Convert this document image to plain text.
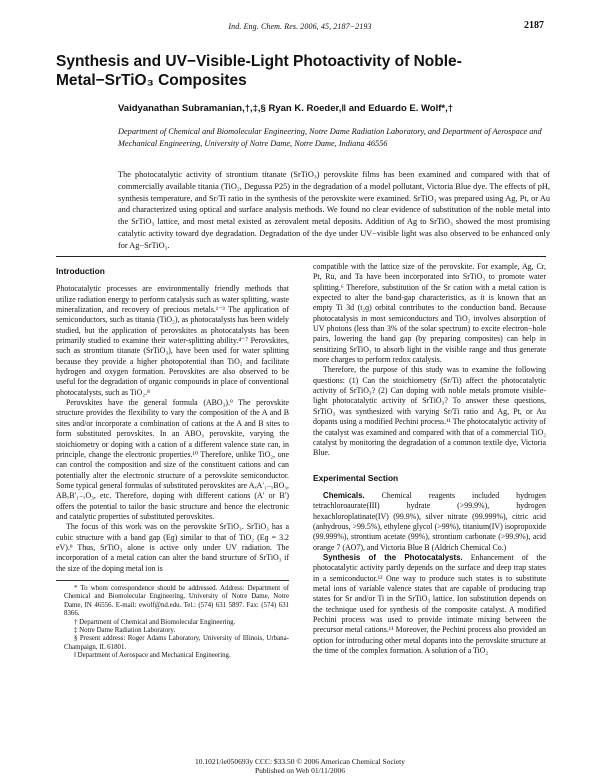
Ind. Eng. Chem. Res. 2006, 45, 2187−2193	2187
Synthesis and UV−Visible-Light Photoactivity of Noble-Metal−SrTiO₃ Composites
Vaidyanathan Subramanian,†,‡,§ Ryan K. Roeder,‖ and Eduardo E. Wolf*,†

Department of Chemical and Biomolecular Engineering, Notre Dame Radiation Laboratory, and Department of Aerospace and Mechanical Engineering, University of Notre Dame, Notre Dame, Indiana 46556

The photocatalytic activity of strontium titanate (SrTiO₃) perovskite films has been examined and compared with that of commercially available titania (TiO₂, Degussa P25) in the degradation of a model pollutant, Victoria Blue dye. The effects of pH, synthesis temperature, and Sr/Ti ratio in the synthesis of the perovskite were examined. SrTiO₃ was prepared using Ag, Pt, or Au and characterized using optical and surface analysis methods. We found no clear evidence of substitution of the noble metal into the SrTiO₃ lattice, and most metal existed as zerovalent metal deposits. Addition of Ag to SrTiO₃ showed the most promising catalytic activity toward dye degradation. Degradation of the dye under UV−visible light was also observed to be enhanced only for Ag−SrTiO₃.

Introduction

Photocatalytic processes are environmentally friendly methods that utilize radiation energy to perform catalysis such as water splitting, waste mineralization, and recovery of precious metals.¹⁻³ The application of semiconductors, such as titania (TiO₂), as photocatalysts has been widely studied, but the application of perovskites as photocatalysts has been primarily studied to examine their water-splitting ability.⁴⁻⁷ Perovskites, such as strontium titanate (SrTiO₃), have been used for water splitting because they provide a higher photopotential than TiO₂ and facilitate hydrogen and oxygen formation. Perovskites are also observed to be useful for the degradation of organic compounds in place of conventional photocatalysts, such as TiO₂.⁸

Perovskites have the general formula (ABO₃).⁹ The perovskite structure provides the flexibility to vary the composition of the A and B sites and/or incorporate a combination of cations at the A and B sites to form substituted perovskites. In an ABO₃ perovskite, varying the stoichiometry or doping with a cation of a different valence state can, in principle, change the electronic properties.¹⁰ Therefore, unlike TiO₂, one can control the composition and size of the constituent cations and can potentially alter the electronic structure of a perovskite semiconductor. Some typical general formulas of substituted perovskites are AₓA′₁₋ₓBO₃, ABₓB′₁₋ₓO₃, etc. Therefore, doping with different cations (A′ or B′) offers the potential to tailor the basic structure and hence the electronic and catalytic properties of substituted perovskites.

The focus of this work was on the perovskite SrTiO₃. SrTiO₃ has a cubic structure with a band gap (Eɡ) similar to that of TiO₂ (Eɡ = 3.2 eV).⁹ Thus, SrTiO₃ alone is active only under UV radiation. The incorporation of a metal cation can alter the band structure of SrTiO₃ if the size of the doping metal ion is

* To whom correspondence should be addressed. Address: Department of Chemical and Biomolecular Engineering, University of Notre Dame, Notre Dame, IN 46556. E-mail: ewolf@nd.edu. Tel.: (574) 631 5897. Fax: (574) 631 8366.

† Department of Chemical and Biomolecular Engineering.

‡ Notre Dame Radiation Laboratory.

§ Present address: Roger Adams Laboratory, University of Illinois, Urbana-Champaign, IL 61801.

‖ Department of Aerospace and Mechanical Engineering.

compatible with the lattice size of the perovskite. For example, Ag, Cr, Pt, Ru, and Ta have been incorporated into SrTiO₃ to promote water splitting.⁶ Therefore, substitution of the Sr cation with a metal cation is expected to alter the band-gap characteristics, as it is known that an empty Ti 3d (t₂ɡ) orbital contributes to the conduction band. Because photocatalysis in most semiconductors and TiO₂ involves absorption of UV photons (less than 3% of the solar spectrum) to excite electron−hole pairs, lowering the band gap (by preparing composites) can help in sensitizing SrTiO₃ to absorb light in the visible range and thus generate more charges to perform redox catalysis.

Therefore, the purpose of this study was to examine the following questions: (1) Can the stoichiometry (Sr/Ti) affect the photocatalytic activity of SrTiO₃? (2) Can doping with noble metals promote visible-light photocatalytic activity of SrTiO₃? To answer these questions, SrTiO₃ was synthesized with varying Sr/Ti ratio and Ag, Pt, or Au dopants using a modified Pechini process.¹¹ The photocatalytic activity of the catalyst was examined and compared with that of a commercial TiO₂ catalyst by monitoring the degradation of a common textile dye, Victoria Blue.

Experimental Section

Chemicals. Chemical reagents included hydrogen tetrachloroaurate(III) hydrate (>99.9%), hydrogen hexachloroplatinate(IV) (99.9%), silver nitrate (99.999%), citric acid (anhydrous, >99.5%), ethylene glycol (>99%), titanium(IV) isopropoxide (99.999%), strontium acetate (99%), strontium carbonate (>99.9%), acid orange 7 (AO7), and Victoria Blue B (Aldrich Chemical Co.)

Synthesis of the Photocatalysts. Enhancement of the photocatalytic activity partly depends on the surface and deep trap states in a semiconductor.¹² One way to produce such states is to substitute metal ions of variable valence states that are capable of producing trap states for Sr and/or Ti in the SrTiO₃ lattice. Ion substitution depends on the technique used for synthesis of the composite catalyst. A modified Pechini process was used to provide intimate mixing between the precursor metal cations.¹¹ Moreover, the Pechini process also provided an option for introducing other metal dopants into the perovskite structure at the time of the complex formation. A solution of a TiO₂

10.1021/ie050693y CCC: $33.50 © 2006 American Chemical Society
Published on Web 01/11/2006
